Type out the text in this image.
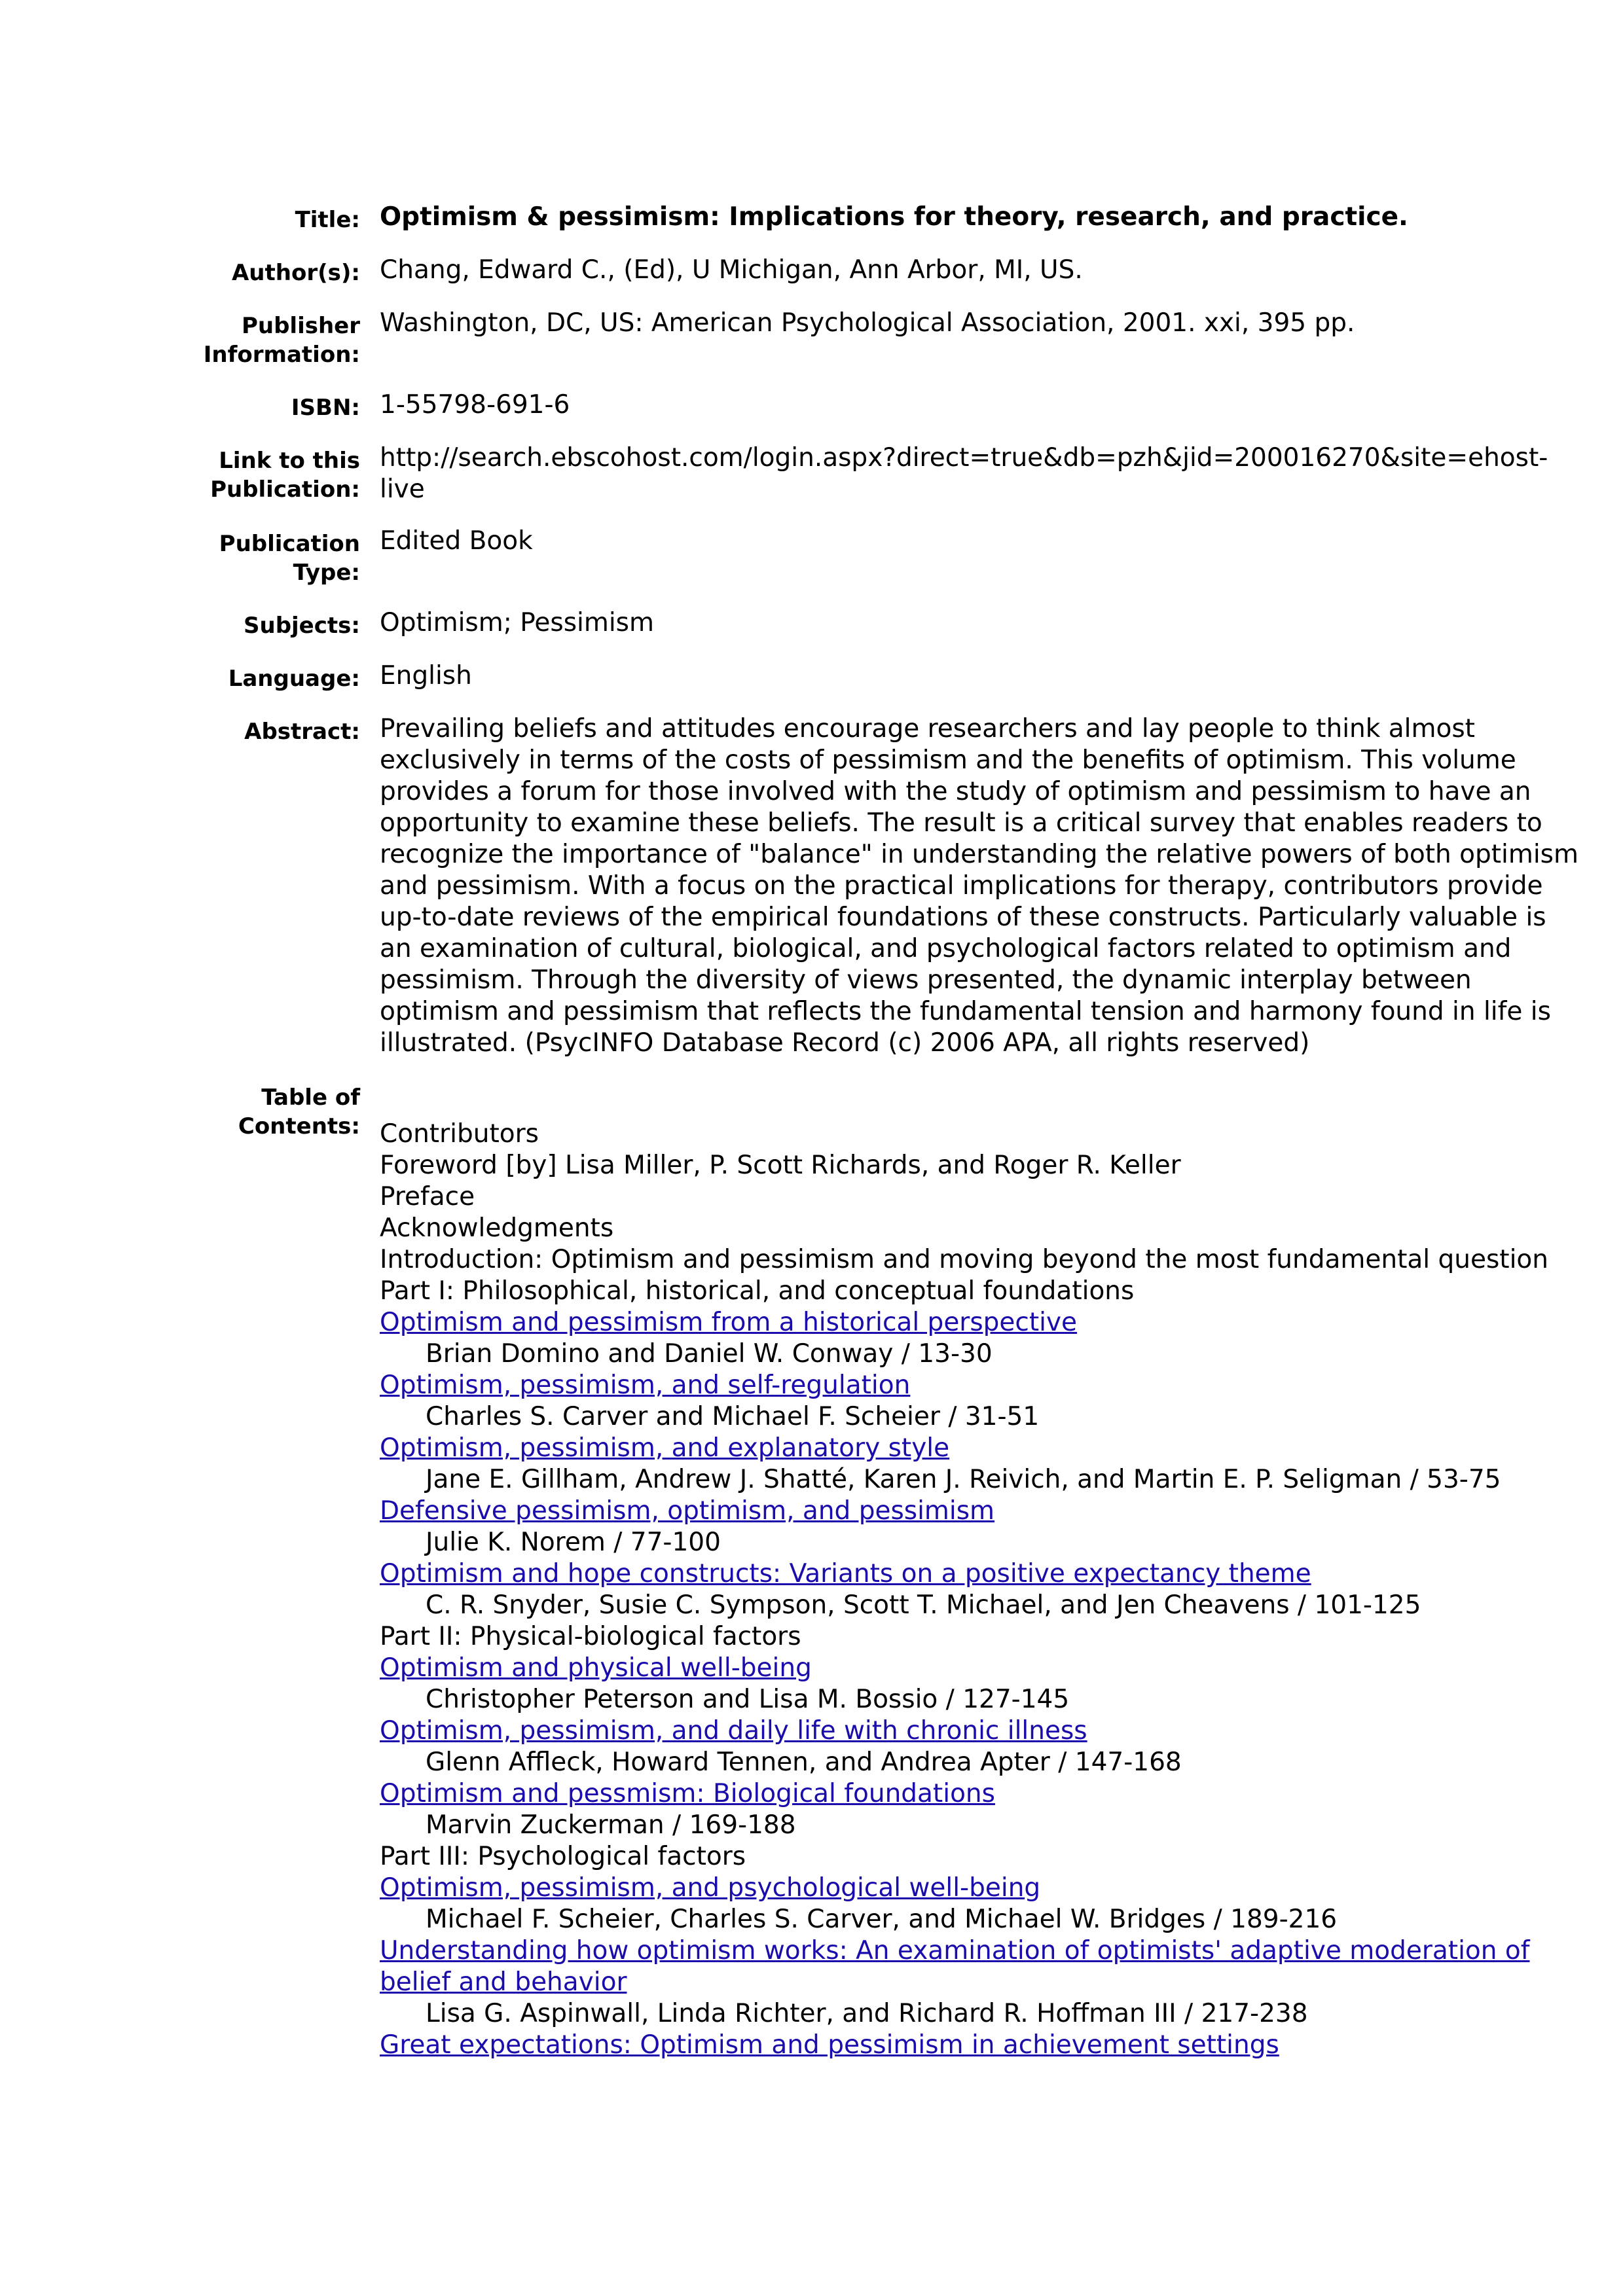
Title: Optimism & pessimism: Implications for theory, research, and practice.
Author(s): Chang, Edward C., (Ed), U Michigan, Ann Arbor, MI, US.
Publisher Information:
Washington, DC, US: American Psychological Association, 2001. xxi, 395 pp.
ISBN: 1-55798-691-6
Link to this Publication:
http://search.ebscohost.com/login.aspx?direct=true&db=pzh&jid=200016270&site=ehost-live
Publication Type:
Edited Book
Subjects: Optimism; Pessimism
Language: English
Abstract: Prevailing beliefs and attitudes encourage researchers and lay people to think almost exclusively in terms of the costs of pessimism and the benefits of optimism. This volume provides a forum for those involved with the study of optimism and pessimism to have an opportunity to examine these beliefs. The result is a critical survey that enables readers to recognize the importance of "balance" in understanding the relative powers of both optimism and pessimism. With a focus on the practical implications for therapy, contributors provide up-to-date reviews of the empirical foundations of these constructs. Particularly valuable is an examination of cultural, biological, and psychological factors related to optimism and pessimism. Through the diversity of views presented, the dynamic interplay between optimism and pessimism that reflects the fundamental tension and harmony found in life is illustrated. (PsycINFO Database Record (c) 2006 APA, all rights reserved)
Table of Contents: Contributors
Foreword [by] Lisa Miller, P. Scott Richards, and Roger R. Keller
Preface
Acknowledgments
Introduction: Optimism and pessimism and moving beyond the most fundamental question
Part I: Philosophical, historical, and conceptual foundations
Optimism and pessimism from a historical perspective
Brian Domino and Daniel W. Conway / 13-30
Optimism, pessimism, and self-regulation
Charles S. Carver and Michael F. Scheier / 31-51
Optimism, pessimism, and explanatory style
Jane E. Gillham, Andrew J. Shatté, Karen J. Reivich, and Martin E. P. Seligman / 53-75
Defensive pessimism, optimism, and pessimism
Julie K. Norem / 77-100
Optimism and hope constructs: Variants on a positive expectancy theme
C. R. Snyder, Susie C. Sympson, Scott T. Michael, and Jen Cheavens / 101-125
Part II: Physical-biological factors
Optimism and physical well-being
Christopher Peterson and Lisa M. Bossio / 127-145
Optimism, pessimism, and daily life with chronic illness
Glenn Affleck, Howard Tennen, and Andrea Apter / 147-168
Optimism and pessmism: Biological foundations
Marvin Zuckerman / 169-188
Part III: Psychological factors
Optimism, pessimism, and psychological well-being
Michael F. Scheier, Charles S. Carver, and Michael W. Bridges / 189-216
Understanding how optimism works: An examination of optimists' adaptive moderation of belief and behavior
Lisa G. Aspinwall, Linda Richter, and Richard R. Hoffman III / 217-238
Great expectations: Optimism and pessimism in achievement settings
